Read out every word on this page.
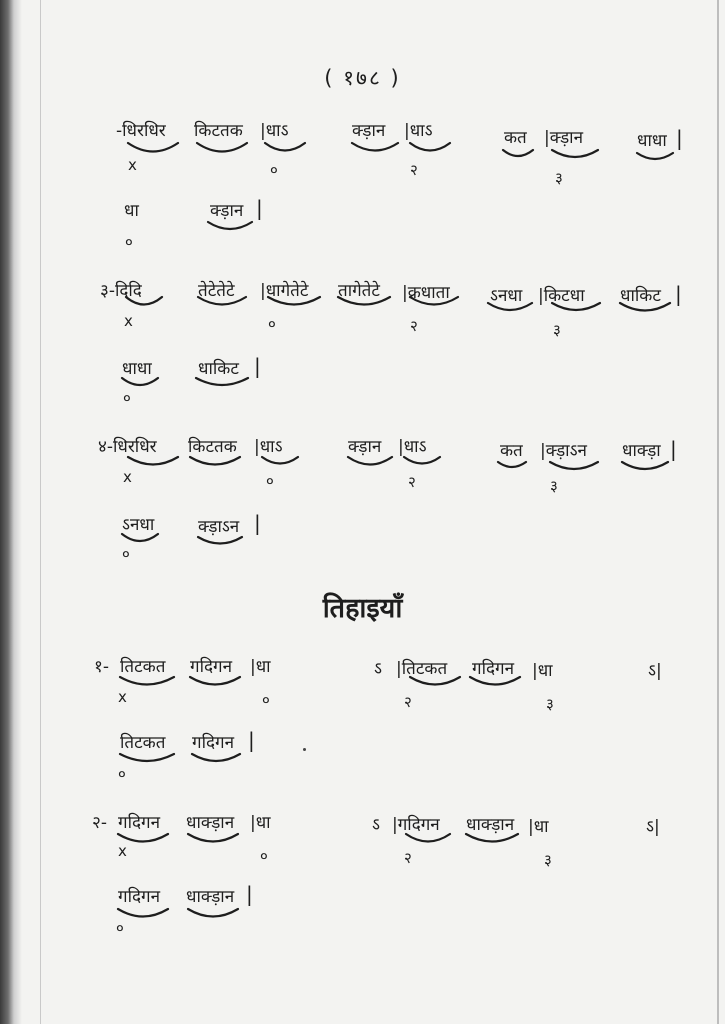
( १७८ )
-धिरधिर किटतक |धाऽ	क्ड़ान |धाऽ	कत |क्ड़ान	धाधा |
x	०	२	३
धा	क्ड़ान |
०
३-दिदि	तेटेतेटे |धागेतेटे तागेतेटे |क्रधाता ऽनधा |किटधा धाकिट |
x	०	२	३
धाधा	धाकिट |
०
४-धिरधिर किटतक |धाऽ	क्ड़ान |धाऽ	कत |क्ड़ाऽन धाक्ड़ा |
x	०	२	३
ऽनधा	क्ड़ाऽन |
०
तिहाइयाँ
१- तिटकत गदिगन |धा	ऽ |तिटकत गदिगन |धा	ऽ|
x	०	२	३
तिटकत गदिगन |
०
२- गदिगन धाक्ड़ान |धा	ऽ |गदिगन धाक्ड़ान |धा	ऽ|
x	०	२	३
गदिगन धाक्ड़ान |
०
